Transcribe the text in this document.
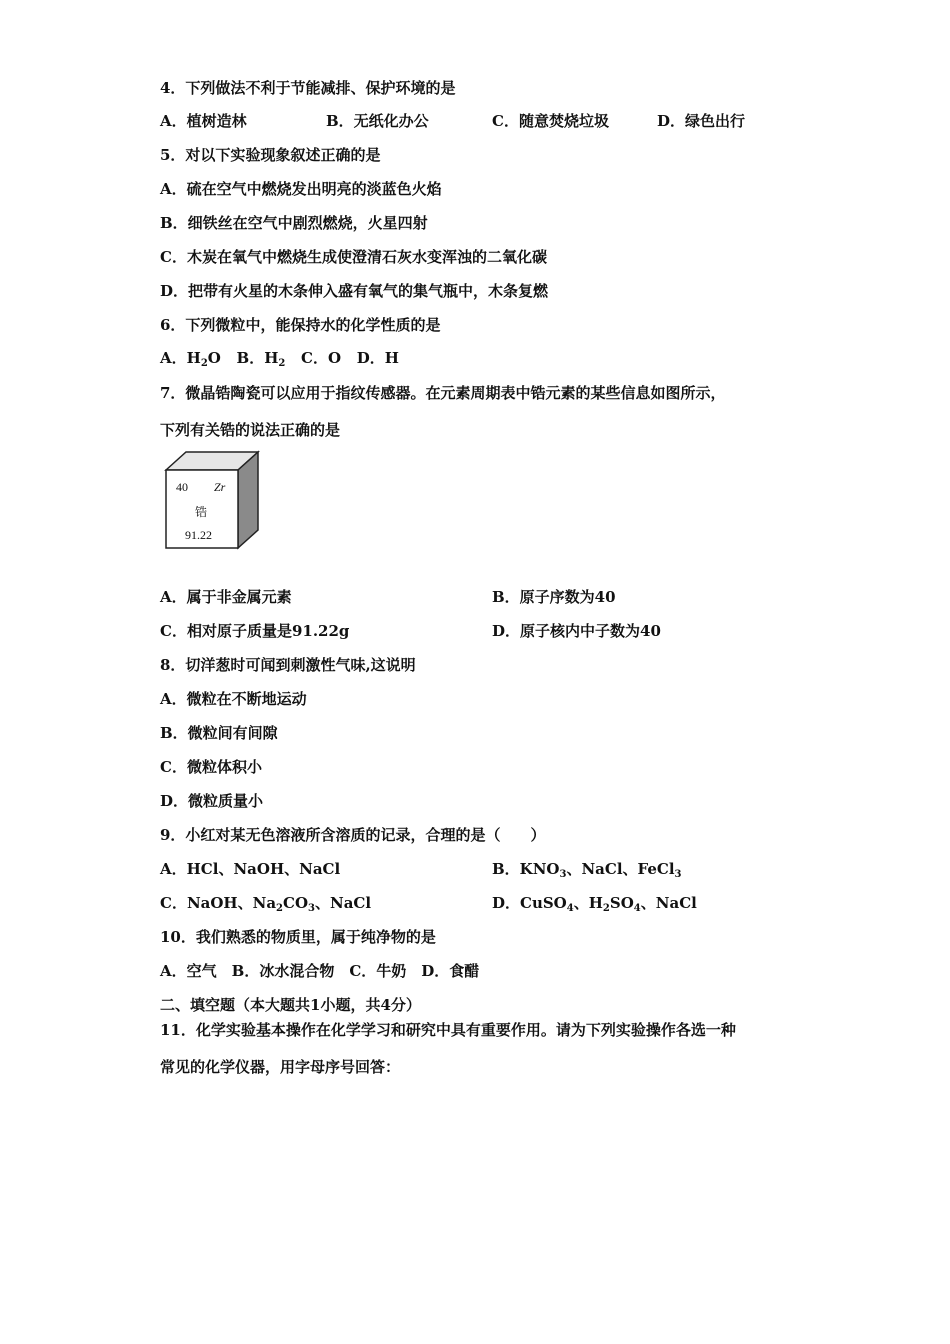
4．下列做法不利于节能减排、保护环境的是
A．植树造林	B．无纸化办公	C．随意焚烧垃圾	D．绿色出行
5．对以下实验现象叙述正确的是
A．硫在空气中燃烧发出明亮的淡蓝色火焰
B．细铁丝在空气中剧烈燃烧，火星四射
C．木炭在氧气中燃烧生成使澄清石灰水变浑浊的二氧化碳
D．把带有火星的木条伸入盛有氧气的集气瓶中，木条复燃
6．下列微粒中，能保持水的化学性质的是
A．$H_2O$ B．$H_2$ C．O D．H
7．微晶锆陶瓷可以应用于指纹传感器。在元素周期表中锆元素的某些信息如图所示，
下列有关锆的说法正确的是
40 Zr
锆
91.22
A．属于非金属元素	B．原子序数为40
C．相对原子质量是91.22g	D．原子核内中子数为40
8．切洋葱时可闻到刺激性气味,这说明
A．微粒在不断地运动
B．微粒间有间隙
C．微粒体积小
D．微粒质量小
9．小红对某无色溶液所含溶质的记录，合理的是（　　）
A．HCl、NaOH、NaCl	B．$KNO_3$、NaCl、FeCl$_3$
C．NaOH、$Na_2CO_3$、NaCl	D．CuSO$_4$、$H_2SO_4$、NaCl
10．我们熟悉的物质里，属于纯净物的是
A．空气　B．冰水混合物　C．牛奶　D．食醋
二、填空题（本大题共1小题，共4分）
11．化学实验基本操作在化学学习和研究中具有重要作用。请为下列实验操作各选一种
常见的化学仪器，用字母序号回答：
